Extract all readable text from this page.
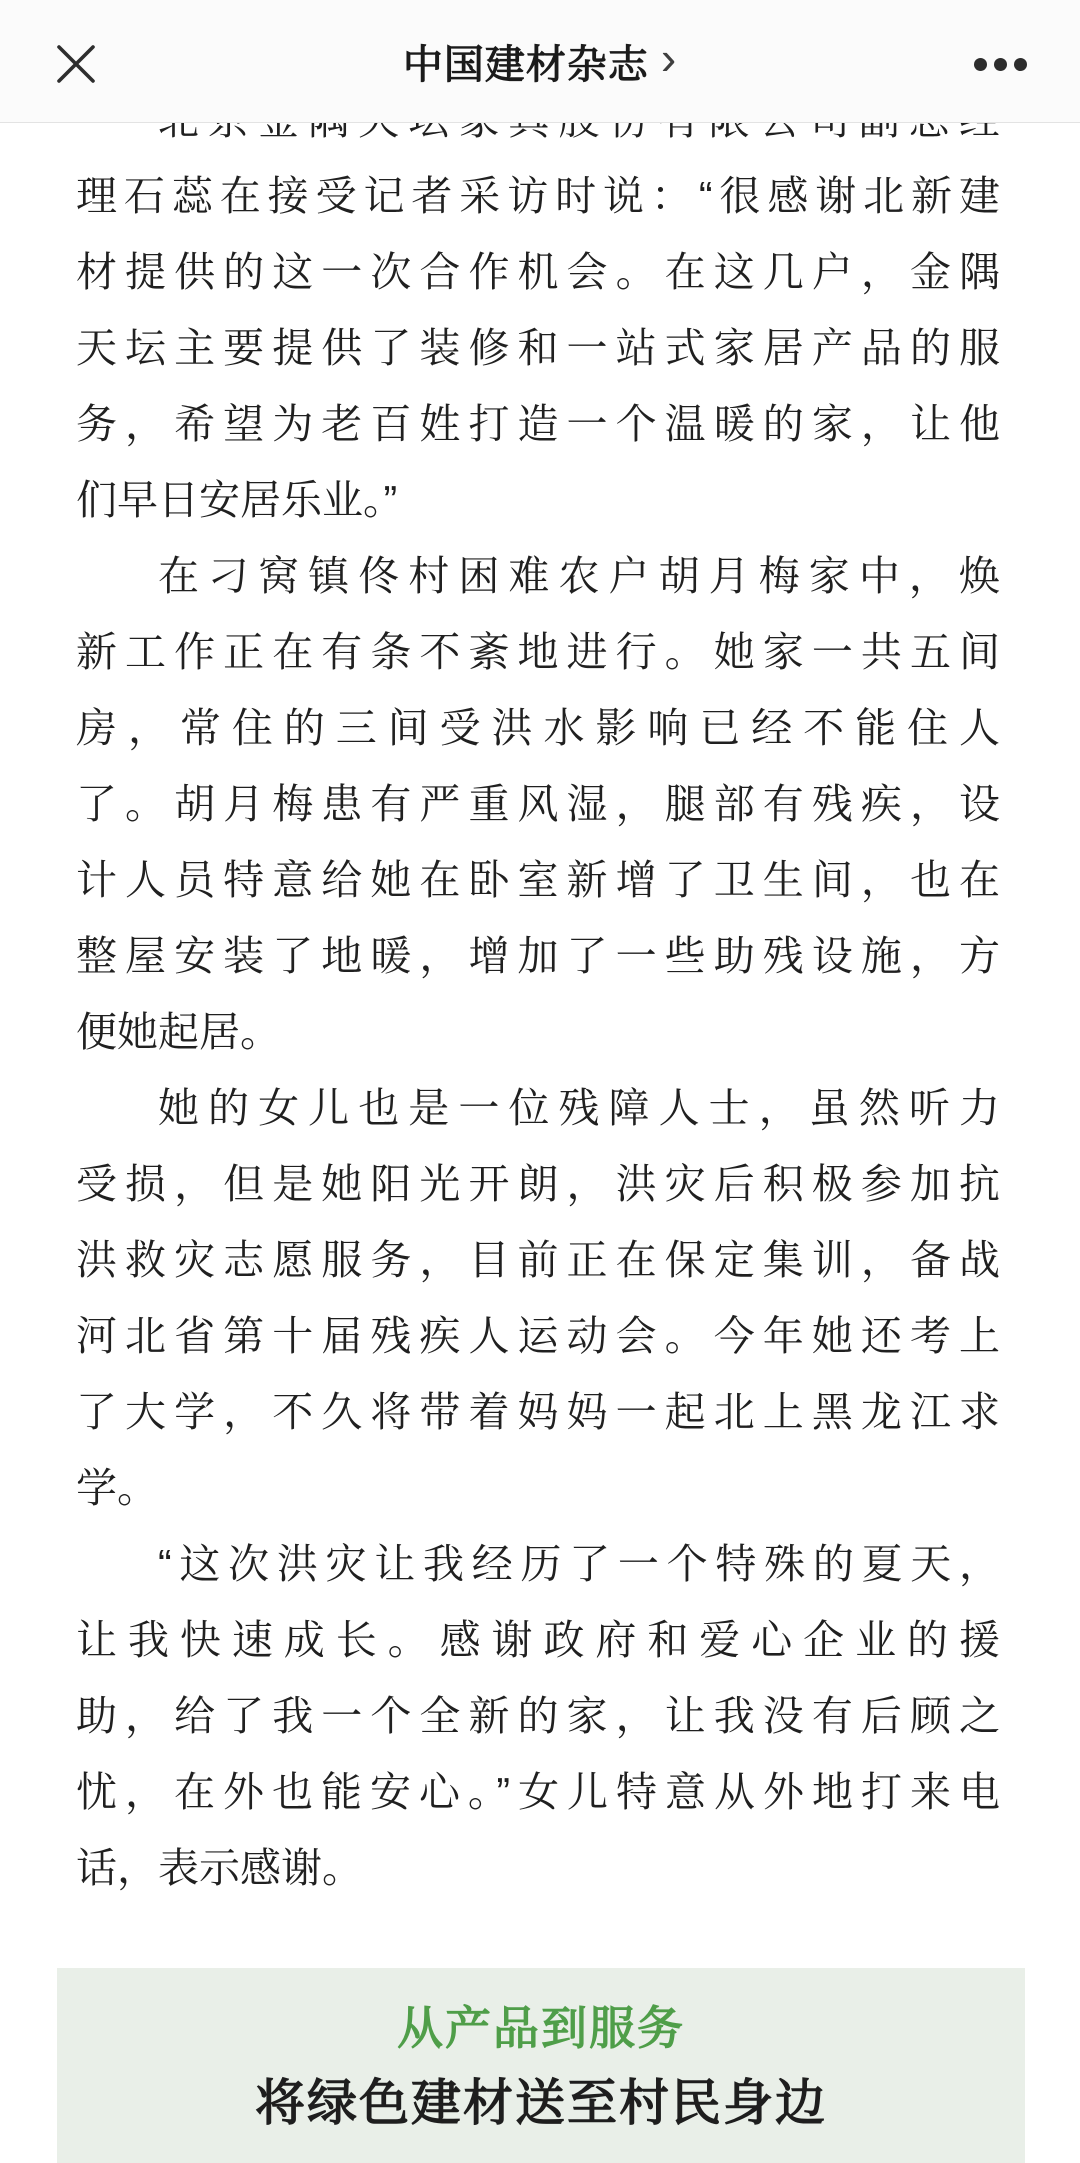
理石蕊在接受记者采访时说：“很感谢北新建
材提供的这一次合作机会。在这几户，金隅
天坛主要提供了装修和一站式家居产品的服
务，希望为老百姓打造一个温暖的家，让他
们早日安居乐业。”
在刁窝镇佟村困难农户胡月梅家中，焕
新工作正在有条不紊地进行。她家一共五间
房，常住的三间受洪水影响已经不能住人
了。胡月梅患有严重风湿，腿部有残疾，设
计人员特意给她在卧室新增了卫生间，也在
整屋安装了地暖，增加了一些助残设施，方
便她起居。
她的女儿也是一位残障人士，虽然听力
受损，但是她阳光开朗，洪灾后积极参加抗
洪救灾志愿服务，目前正在保定集训，备战
河北省第十届残疾人运动会。今年她还考上
了大学，不久将带着妈妈一起北上黑龙江求
学。
“这次洪灾让我经历了一个特殊的夏天，
让我快速成长。感谢政府和爱心企业的援
助，给了我一个全新的家，让我没有后顾之
忧，在外也能安心。”女儿特意从外地打来电
话，表示感谢。
中国建材杂志 ›
从产品到服务
将绿色建材送至村民身边
